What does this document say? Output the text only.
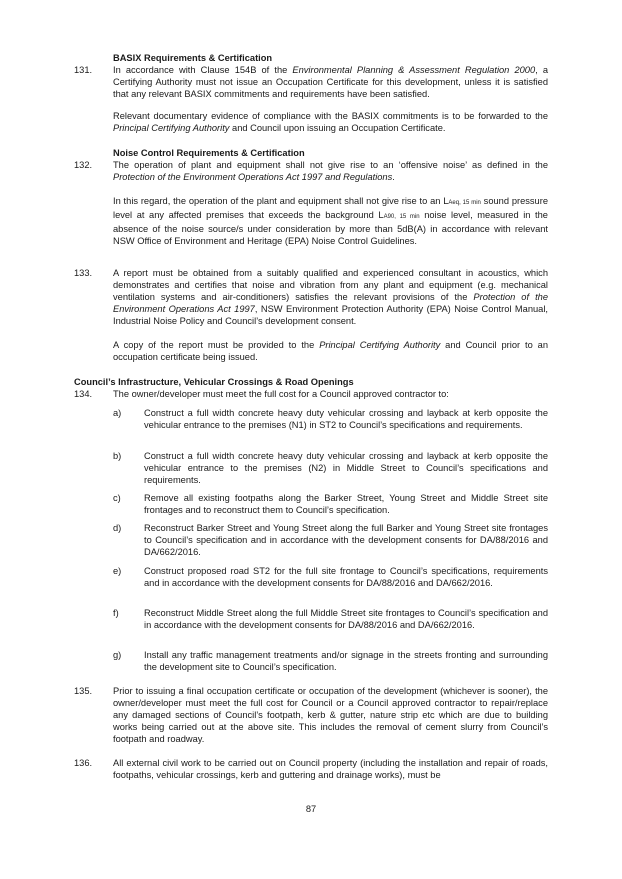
BASIX Requirements & Certification
131. In accordance with Clause 154B of the Environmental Planning & Assessment Regulation 2000, a Certifying Authority must not issue an Occupation Certificate for this development, unless it is satisfied that any relevant BASIX commitments and requirements have been satisfied.
Relevant documentary evidence of compliance with the BASIX commitments is to be forwarded to the Principal Certifying Authority and Council upon issuing an Occupation Certificate.
Noise Control Requirements & Certification
132. The operation of plant and equipment shall not give rise to an ‘offensive noise’ as defined in the Protection of the Environment Operations Act 1997 and Regulations.
In this regard, the operation of the plant and equipment shall not give rise to an LAeq, 15 min sound pressure level at any affected premises that exceeds the background LA90, 15 min noise level, measured in the absence of the noise source/s under consideration by more than 5dB(A) in accordance with relevant NSW Office of Environment and Heritage (EPA) Noise Control Guidelines.
133. A report must be obtained from a suitably qualified and experienced consultant in acoustics, which demonstrates and certifies that noise and vibration from any plant and equipment (e.g. mechanical ventilation systems and air-conditioners) satisfies the relevant provisions of the Protection of the Environment Operations Act 1997, NSW Environment Protection Authority (EPA) Noise Control Manual, Industrial Noise Policy and Council’s development consent.
A copy of the report must be provided to the Principal Certifying Authority and Council prior to an occupation certificate being issued.
Council’s Infrastructure, Vehicular Crossings & Road Openings
134. The owner/developer must meet the full cost for a Council approved contractor to:
a) Construct a full width concrete heavy duty vehicular crossing and layback at kerb opposite the vehicular entrance to the premises (N1) in ST2 to Council’s specifications and requirements.
b) Construct a full width concrete heavy duty vehicular crossing and layback at kerb opposite the vehicular entrance to the premises (N2) in Middle Street to Council’s specifications and requirements.
c)	Remove all existing footpaths along the Barker Street, Young Street and Middle Street site frontages and to reconstruct them to Council’s specification.
d) Reconstruct Barker Street and Young Street along the full Barker and Young Street site frontages to Council’s specification and in accordance with the development consents for DA/88/2016 and DA/662/2016.
e) Construct proposed road ST2 for the full site frontage to Council’s specifications, requirements and in accordance with the development consents for DA/88/2016 and DA/662/2016.
f)	Reconstruct Middle Street along the full Middle Street site frontages to Council’s specification and in accordance with the development consents for DA/88/2016 and DA/662/2016.
g) Install any traffic management treatments and/or signage in the streets fronting and surrounding the development site to Council’s specification.
135. Prior to issuing a final occupation certificate or occupation of the development (whichever is sooner), the owner/developer must meet the full cost for Council or a Council approved contractor to repair/replace any damaged sections of Council’s footpath, kerb & gutter, nature strip etc which are due to building works being carried out at the above site. This includes the removal of cement slurry from Council’s footpath and roadway.
136. All external civil work to be carried out on Council property (including the installation and repair of roads, footpaths, vehicular crossings, kerb and guttering and drainage works), must be
87
